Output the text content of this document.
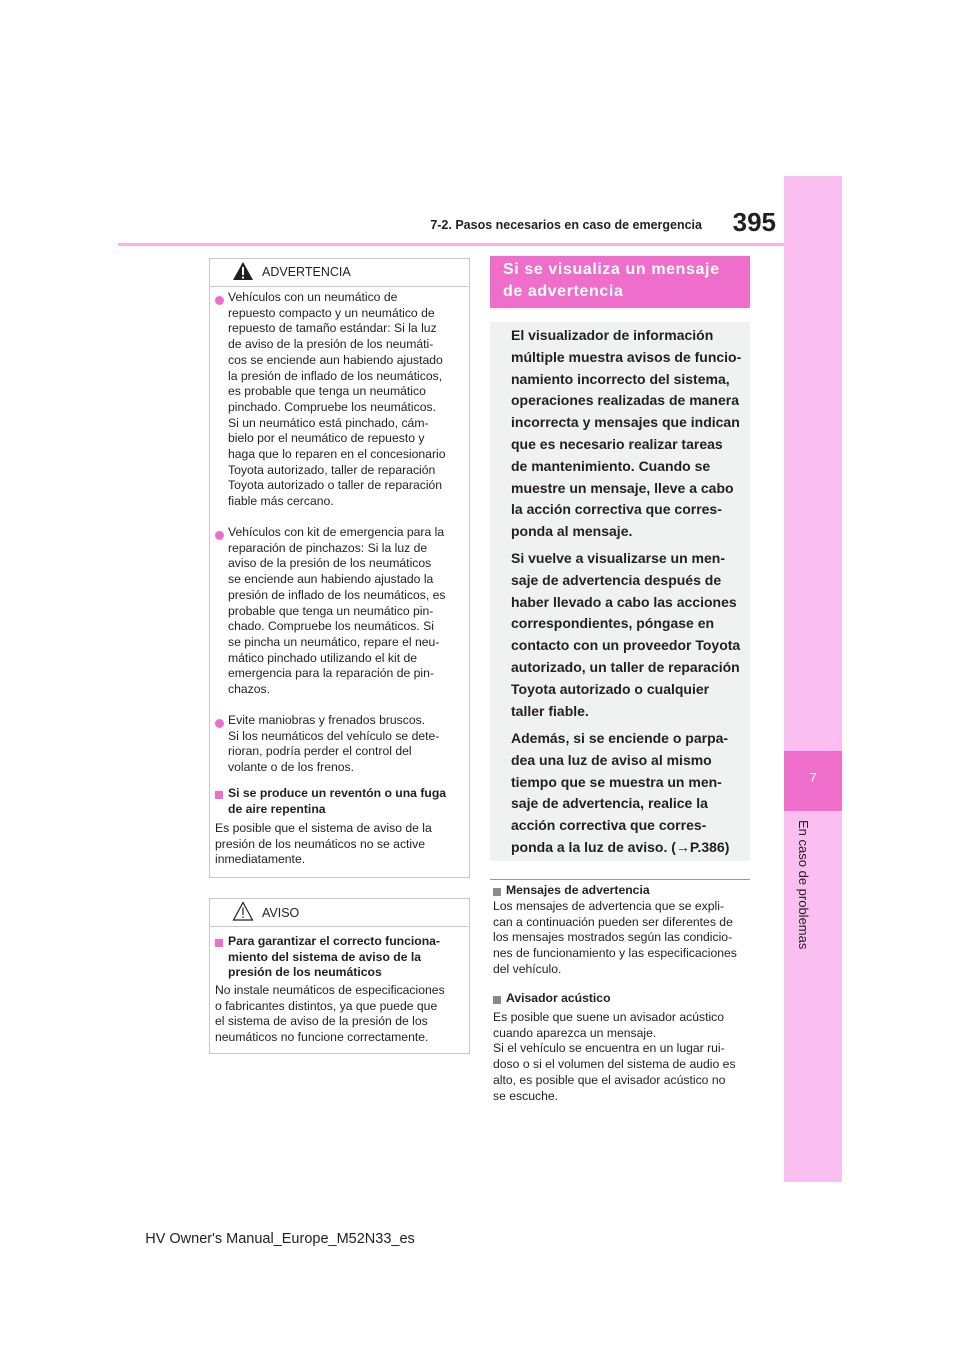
7-2. Pasos necesarios en caso de emergencia	395
7
En caso de problemas
ADVERTENCIA
Vehículos con un neumático de
repuesto compacto y un neumático de
repuesto de tamaño estándar: Si la luz
de aviso de la presión de los neumáti-
cos se enciende aun habiendo ajustado
la presión de inflado de los neumáticos,
es probable que tenga un neumático
pinchado. Compruebe los neumáticos.
Si un neumático está pinchado, cám-
bielo por el neumático de repuesto y
haga que lo reparen en el concesionario
Toyota autorizado, taller de reparación
Toyota autorizado o taller de reparación
fiable más cercano.
Vehículos con kit de emergencia para la
reparación de pinchazos: Si la luz de
aviso de la presión de los neumáticos
se enciende aun habiendo ajustado la
presión de inflado de los neumáticos, es
probable que tenga un neumático pin-
chado. Compruebe los neumáticos. Si
se pincha un neumático, repare el neu-
mático pinchado utilizando el kit de
emergencia para la reparación de pin-
chazos.
Evite maniobras y frenados bruscos.
Si los neumáticos del vehículo se dete-
rioran, podría perder el control del
volante o de los frenos.
Si se produce un reventón o una fuga
de aire repentina
Es posible que el sistema de aviso de la
presión de los neumáticos no se active
inmediatamente.
AVISO
Para garantizar el correcto funciona-
miento del sistema de aviso de la
presión de los neumáticos
No instale neumáticos de especificaciones
o fabricantes distintos, ya que puede que
el sistema de aviso de la presión de los
neumáticos no funcione correctamente.
Si se visualiza un mensaje
de advertencia
El visualizador de información
múltiple muestra avisos de funcio-
namiento incorrecto del sistema,
operaciones realizadas de manera
incorrecta y mensajes que indican
que es necesario realizar tareas
de mantenimiento. Cuando se
muestre un mensaje, lleve a cabo
la acción correctiva que corres-
ponda al mensaje.
Si vuelve a visualizarse un men-
saje de advertencia después de
haber llevado a cabo las acciones
correspondientes, póngase en
contacto con un proveedor Toyota
autorizado, un taller de reparación
Toyota autorizado o cualquier
taller fiable.
Además, si se enciende o parpa-
dea una luz de aviso al mismo
tiempo que se muestra un men-
saje de advertencia, realice la
acción correctiva que corres-
ponda a la luz de aviso. (→P.386)
Mensajes de advertencia
Los mensajes de advertencia que se expli-
can a continuación pueden ser diferentes de
los mensajes mostrados según las condicio-
nes de funcionamiento y las especificaciones
del vehículo.
Avisador acústico
Es posible que suene un avisador acústico
cuando aparezca un mensaje.
Si el vehículo se encuentra en un lugar rui-
doso o si el volumen del sistema de audio es
alto, es posible que el avisador acústico no
se escuche.
HV Owner's Manual_Europe_M52N33_es
